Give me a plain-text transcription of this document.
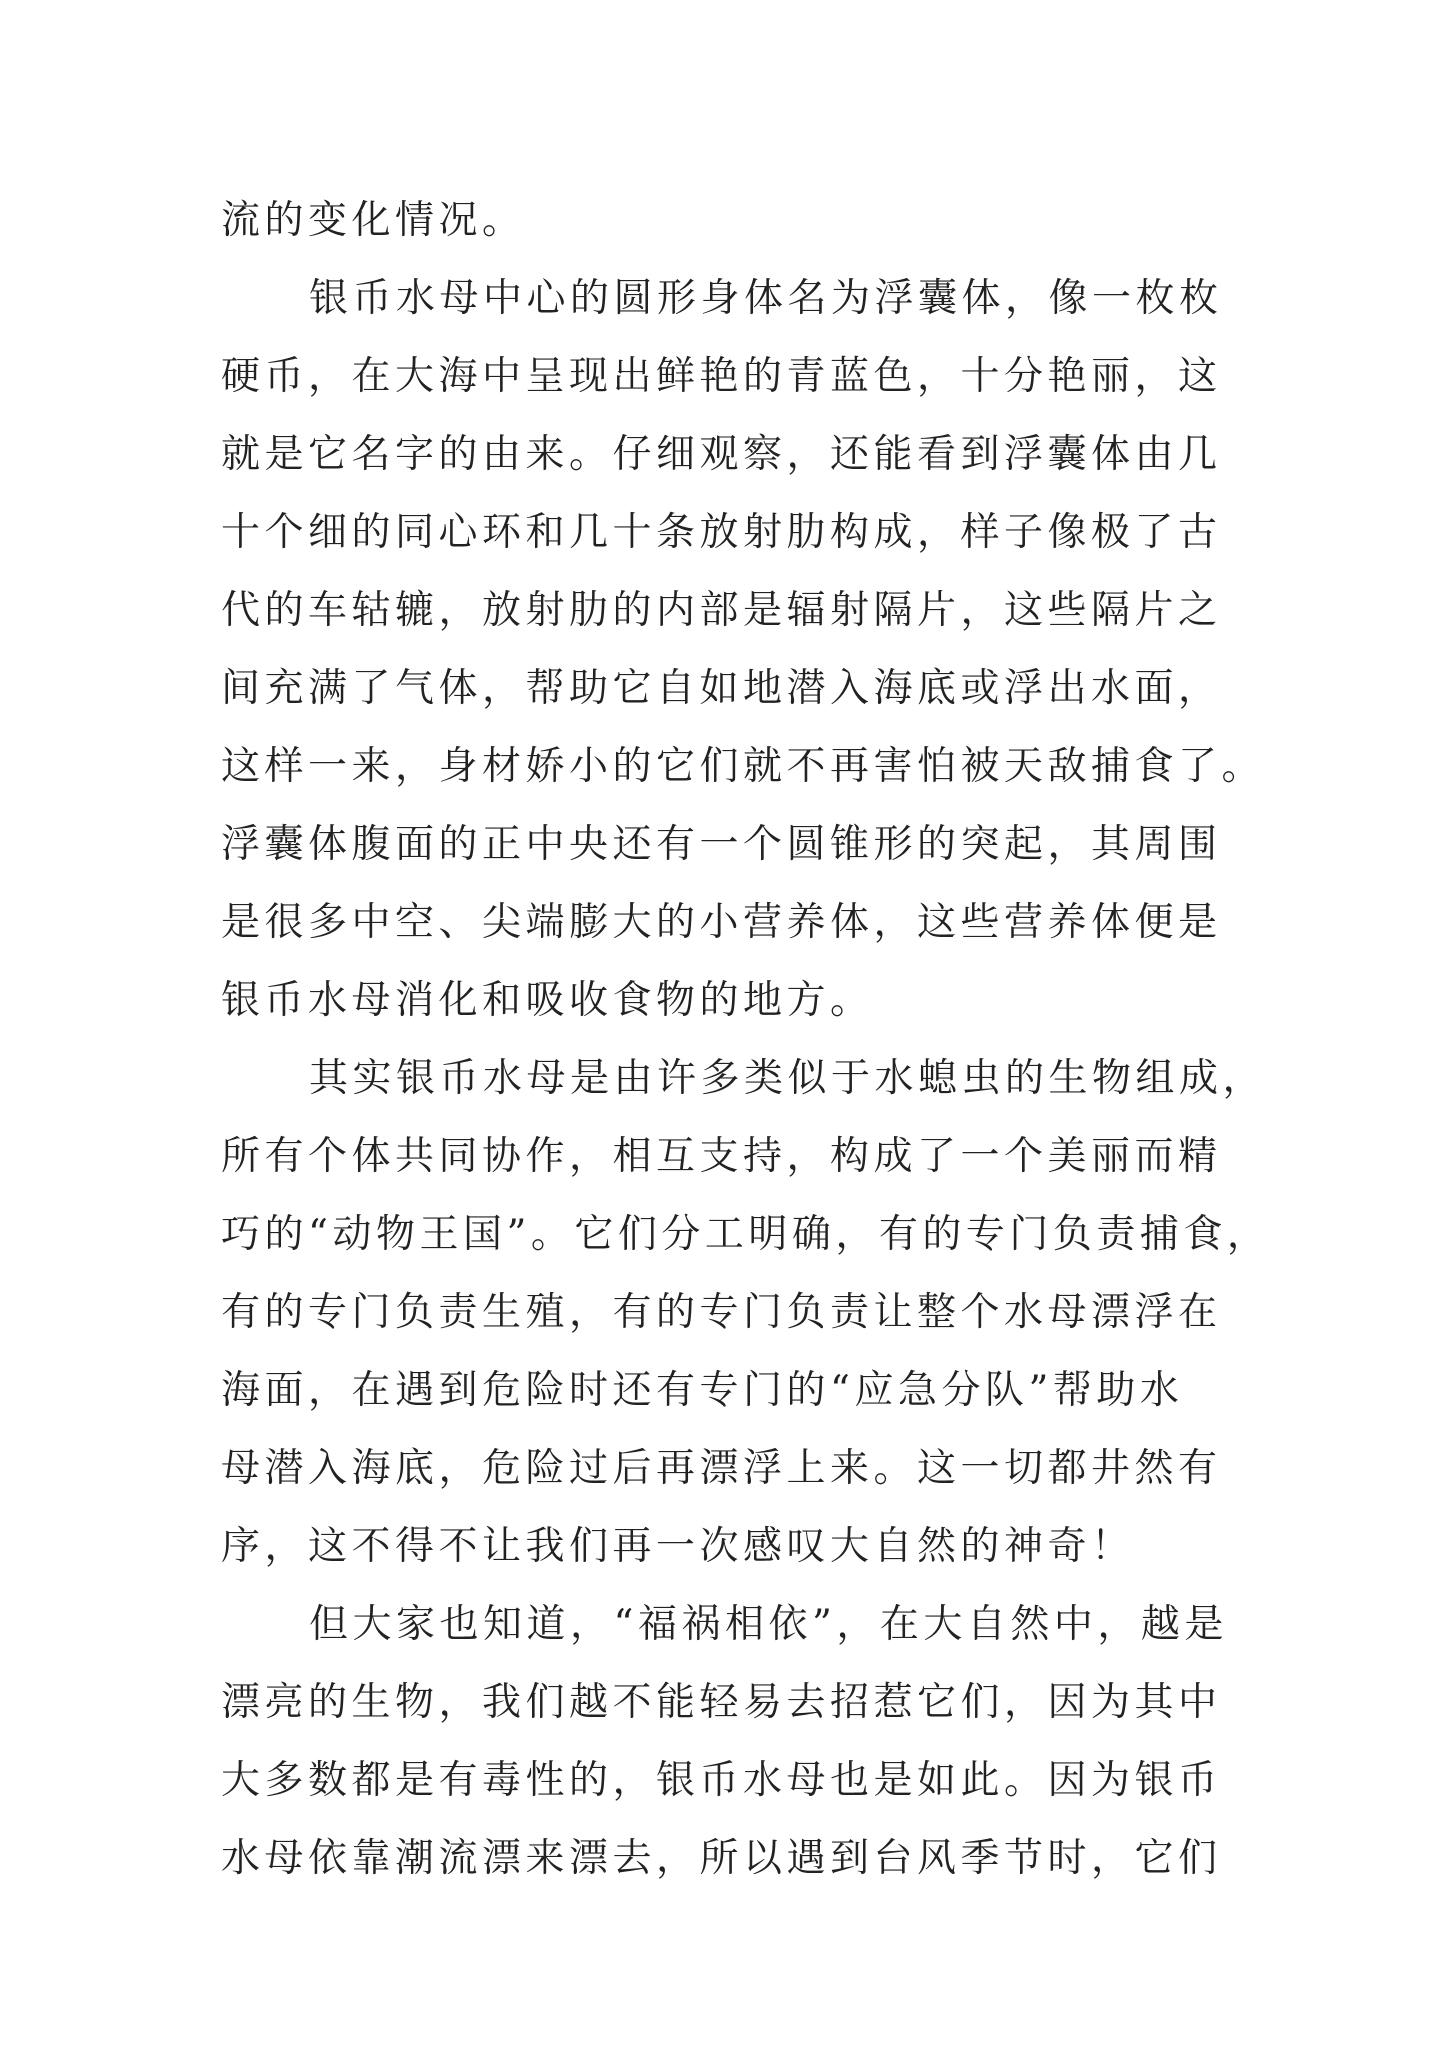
流的变化情况。
银币水母中心的圆形身体名为浮囊体，像一枚枚
硬币，在大海中呈现出鲜艳的青蓝色，十分艳丽，这
就是它名字的由来。仔细观察，还能看到浮囊体由几
十个细的同心环和几十条放射肋构成，样子像极了古
代的车轱辘，放射肋的内部是辐射隔片，这些隔片之
间充满了气体，帮助它自如地潜入海底或浮出水面，
这样一来，身材娇小的它们就不再害怕被天敌捕食了。
浮囊体腹面的正中央还有一个圆锥形的突起，其周围
是很多中空、尖端膨大的小营养体，这些营养体便是
银币水母消化和吸收食物的地方。
其实银币水母是由许多类似于水螅虫的生物组成，
所有个体共同协作，相互支持，构成了一个美丽而精
巧的“动物王国”。它们分工明确，有的专门负责捕食，
有的专门负责生殖，有的专门负责让整个水母漂浮在
海面，在遇到危险时还有专门的“应急分队”帮助水
母潜入海底，危险过后再漂浮上来。这一切都井然有
序，这不得不让我们再一次感叹大自然的神奇！
但大家也知道，“福祸相依”，在大自然中，越是
漂亮的生物，我们越不能轻易去招惹它们，因为其中
大多数都是有毒性的，银币水母也是如此。因为银币
水母依靠潮流漂来漂去，所以遇到台风季节时，它们
